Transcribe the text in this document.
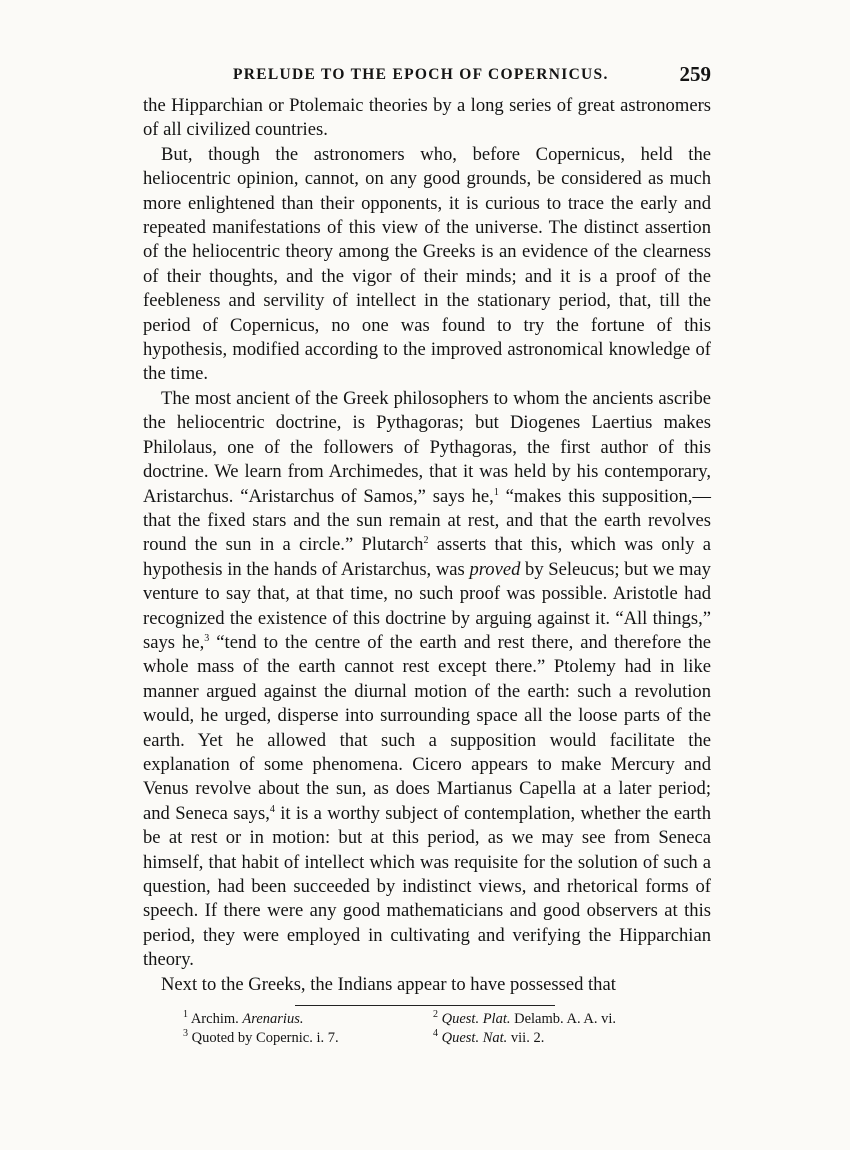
PRELUDE TO THE EPOCH OF COPERNICUS.	259

the Hipparchian or Ptolemaic theories by a long series of great astronomers of all civilized countries.

But, though the astronomers who, before Copernicus, held the heliocentric opinion, cannot, on any good grounds, be considered as much more enlightened than their opponents, it is curious to trace the early and repeated manifestations of this view of the universe. The distinct assertion of the heliocentric theory among the Greeks is an evidence of the clearness of their thoughts, and the vigor of their minds; and it is a proof of the feebleness and servility of intellect in the stationary period, that, till the period of Copernicus, no one was found to try the fortune of this hypothesis, modified according to the improved astronomical knowledge of the time.

The most ancient of the Greek philosophers to whom the ancients ascribe the heliocentric doctrine, is Pythagoras; but Diogenes Laertius makes Philolaus, one of the followers of Pythagoras, the first author of this doctrine. We learn from Archimedes, that it was held by his contemporary, Aristarchus. “Aristarchus of Samos,” says he,$^1$ “makes this supposition,—that the fixed stars and the sun remain at rest, and that the earth revolves round the sun in a circle.” Plutarch$^2$ asserts that this, which was only a hypothesis in the hands of Aristarchus, was proved by Seleucus; but we may venture to say that, at that time, no such proof was possible. Aristotle had recognized the existence of this doctrine by arguing against it. “All things,” says he,$^3$ “tend to the centre of the earth and rest there, and therefore the whole mass of the earth cannot rest except there.” Ptolemy had in like manner argued against the diurnal motion of the earth: such a revolution would, he urged, disperse into surrounding space all the loose parts of the earth. Yet he allowed that such a supposition would facilitate the explanation of some phenomena. Cicero appears to make Mercury and Venus revolve about the sun, as does Martianus Capella at a later period; and Seneca says,$^4$ it is a worthy subject of contemplation, whether the earth be at rest or in motion: but at this period, as we may see from Seneca himself, that habit of intellect which was requisite for the solution of such a question, had been succeeded by indistinct views, and rhetorical forms of speech. If there were any good mathematicians and good observers at this period, they were employed in cultivating and verifying the Hipparchian theory.

Next to the Greeks, the Indians appear to have possessed that

$^1$ Archim. Arenarius.	$^2$ Quest. Plat. Delamb. A. A. vi.
$^3$ Quoted by Copernic. i. 7.	$^4$ Quest. Nat. vii. 2.
